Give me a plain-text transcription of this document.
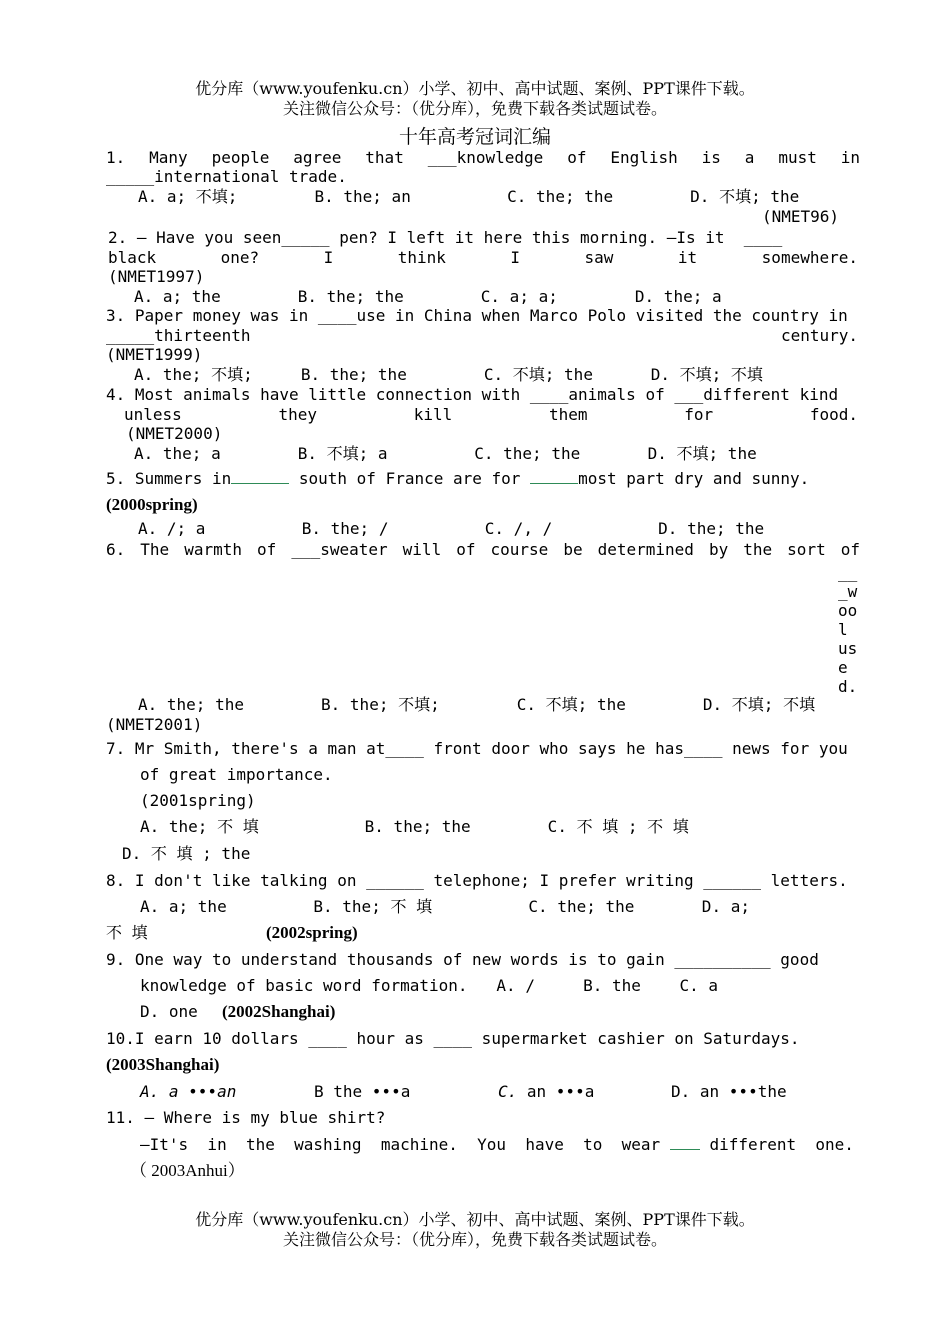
优分库（www.youfenku.cn）小学、初中、高中试题、案例、PPT课件下载。
关注微信公众号：（优分库），免费下载各类试题试卷。
十年高考冠词汇编
1. Many people agree that ___knowledge of English is a must in
_____international trade.
A. a; 不填;        B. the; an          C. the; the        D. 不填; the
(NMET96)
2. — Have you seen_____ pen? I left it here this morning. —Is it  ____
black one? I think I saw it somewhere.
(NMET1997)
A. a; the        B. the; the        C. a; a;        D. the; a
3. Paper money was in ____use in China when Marco Polo visited the country in
_____thirteenth century.
(NMET1999)
A. the; 不填;     B. the; the        C. 不填; the      D. 不填; 不填
4. Most animals have little connection with ____animals of ___different kind
unless they kill them for food.
(NMET2000)
A. the; a        B. 不填; a         C. the; the       D. 不填; the
5. Summers in	south of France are for	most part dry and sunny.
(2000spring)
A. /; a          B. the; /          C. /, /           D. the; the
6. The warmth of ___sweater will of course be determined by the sort of
___wool used.
A. the; the        B. the; 不填;        C. 不填; the        D. 不填; 不填
(NMET2001)
7. Mr Smith, there's a man at____ front door who says he has____ news for you
of great importance.
(2001spring)
A. the; 不 填           B. the; the        C. 不 填 ; 不 填
D. 不 填 ; the
8. I don't like talking on ______ telephone; I prefer writing ______ letters.
A. a; the         B. the; 不 填          C. the; the       D. a;
不 填	(2002spring)
9. One way to understand thousands of new words is to gain __________ good
knowledge of basic word formation.   A. /     B. the    C. a
D. one (2002Shanghai)
10.I earn 10 dollars ____ hour as ____ supermarket cashier on Saturdays.
(2003Shanghai)
A. a •••an	B the •••a	C. an •••a	D. an •••the
11. — Where is my blue shirt?
—It's  in  the  washing  machine.  You  have  to  wear  different  one.
（ 2003Anhui）
优分库（www.youfenku.cn）小学、初中、高中试题、案例、PPT课件下载。
关注微信公众号：（优分库），免费下载各类试题试卷。
